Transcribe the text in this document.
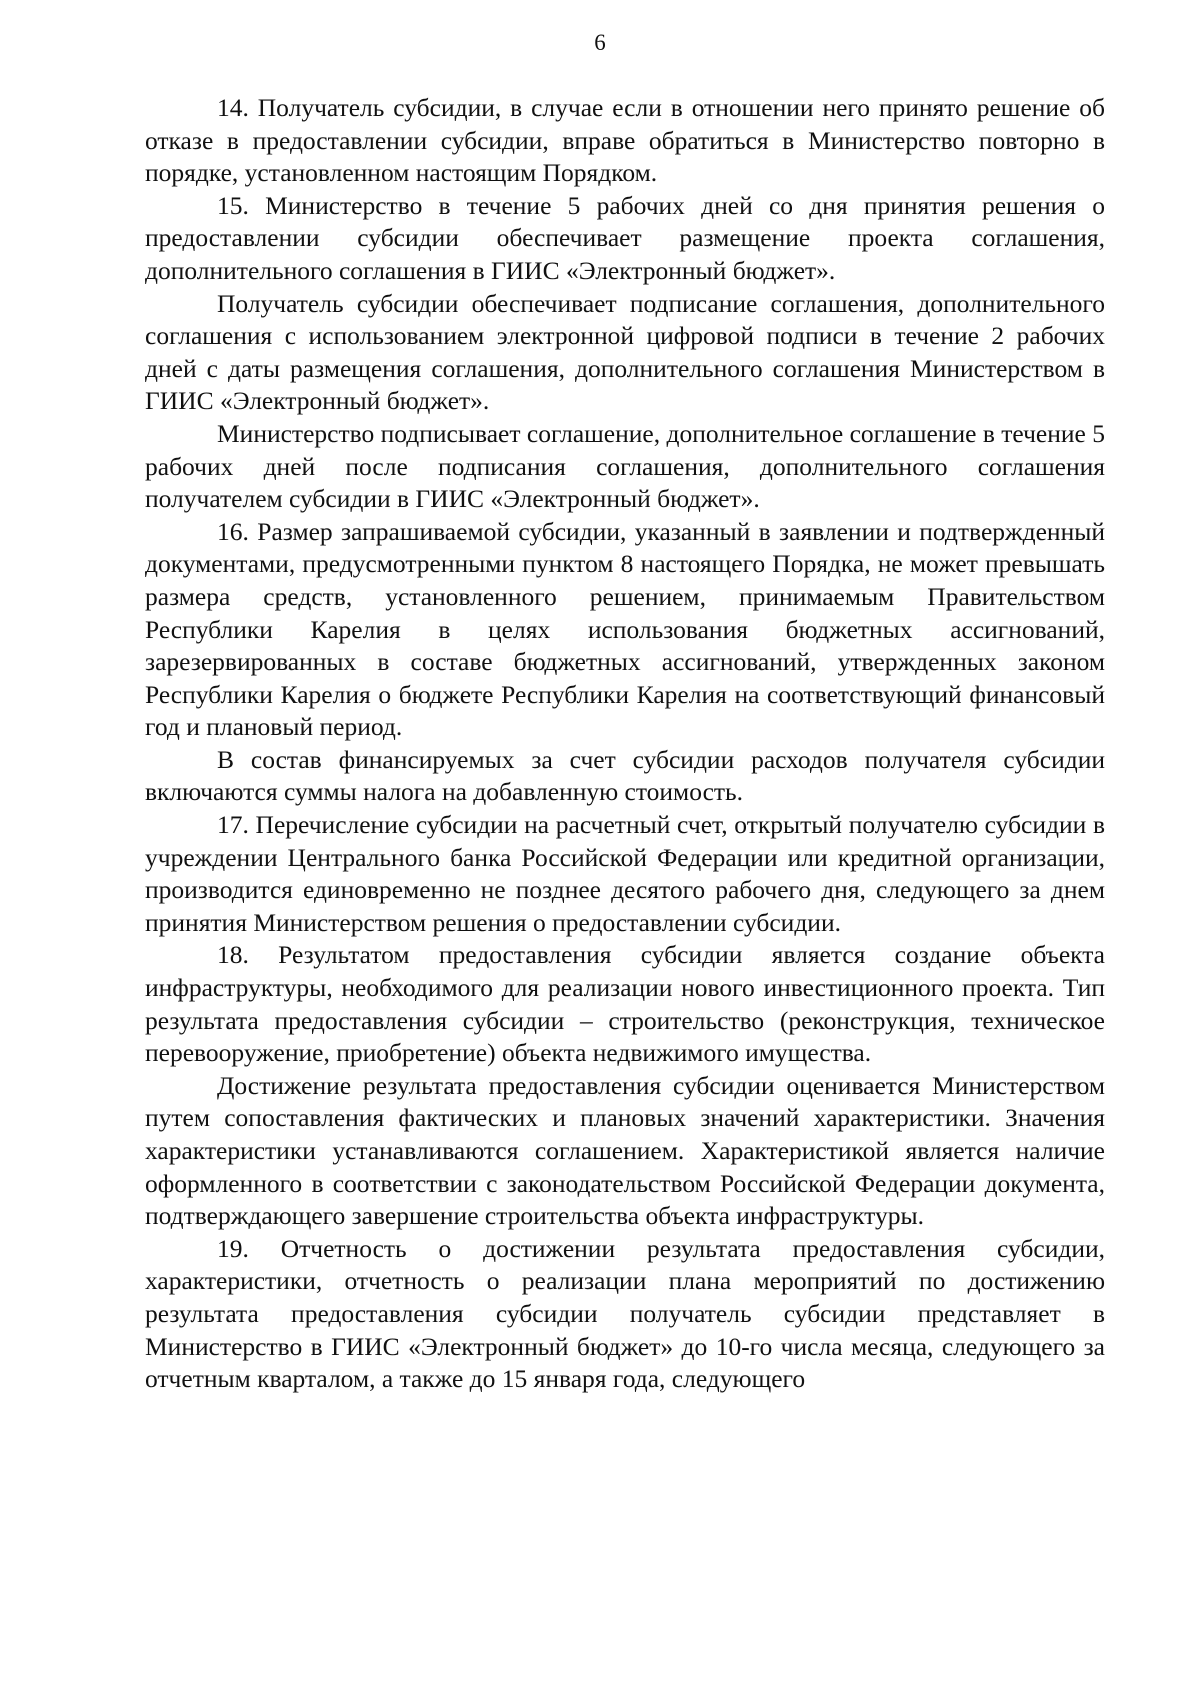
6

14. Получатель субсидии, в случае если в отношении него принято решение об отказе в предоставлении субсидии, вправе обратиться в Министерство повторно в порядке, установленном настоящим Порядком.

15. Министерство в течение 5 рабочих дней со дня принятия решения о предоставлении субсидии обеспечивает размещение проекта соглашения, дополнительного соглашения в ГИИС «Электронный бюджет».

Получатель субсидии обеспечивает подписание соглашения, дополнительного соглашения с использованием электронной цифровой подписи в течение 2 рабочих дней с даты размещения соглашения, дополнительного соглашения Министерством в ГИИС «Электронный бюджет».

Министерство подписывает соглашение, дополнительное соглашение в течение 5 рабочих дней после подписания соглашения, дополнительного соглашения получателем субсидии в ГИИС «Электронный бюджет».

16. Размер запрашиваемой субсидии, указанный в заявлении и подтвержденный документами, предусмотренными пунктом 8 настоящего Порядка, не может превышать размера средств, установленного решением, принимаемым Правительством Республики Карелия в целях использования бюджетных ассигнований, зарезервированных в составе бюджетных ассигнований, утвержденных законом Республики Карелия о бюджете Республики Карелия на соответствующий финансовый год и плановый период.

В состав финансируемых за счет субсидии расходов получателя субсидии включаются суммы налога на добавленную стоимость.

17. Перечисление субсидии на расчетный счет, открытый получателю субсидии в учреждении Центрального банка Российской Федерации или кредитной организации, производится единовременно не позднее десятого рабочего дня, следующего за днем принятия Министерством решения о предоставлении субсидии.

18. Результатом предоставления субсидии является создание объекта инфраструктуры, необходимого для реализации нового инвестиционного проекта. Тип результата предоставления субсидии – строительство (реконструкция, техническое перевооружение, приобретение) объекта недвижимого имущества.

Достижение результата предоставления субсидии оценивается Министерством путем сопоставления фактических и плановых значений характеристики. Значения характеристики устанавливаются соглашением. Характеристикой является наличие оформленного в соответствии с законодательством Российской Федерации документа, подтверждающего завершение строительства объекта инфраструктуры.

19. Отчетность о достижении результата предоставления субсидии, характеристики, отчетность о реализации плана мероприятий по достижению результата предоставления субсидии получатель субсидии представляет в Министерство в ГИИС «Электронный бюджет» до 10-го числа месяца, следующего за отчетным кварталом, а также до 15 января года, следующего
